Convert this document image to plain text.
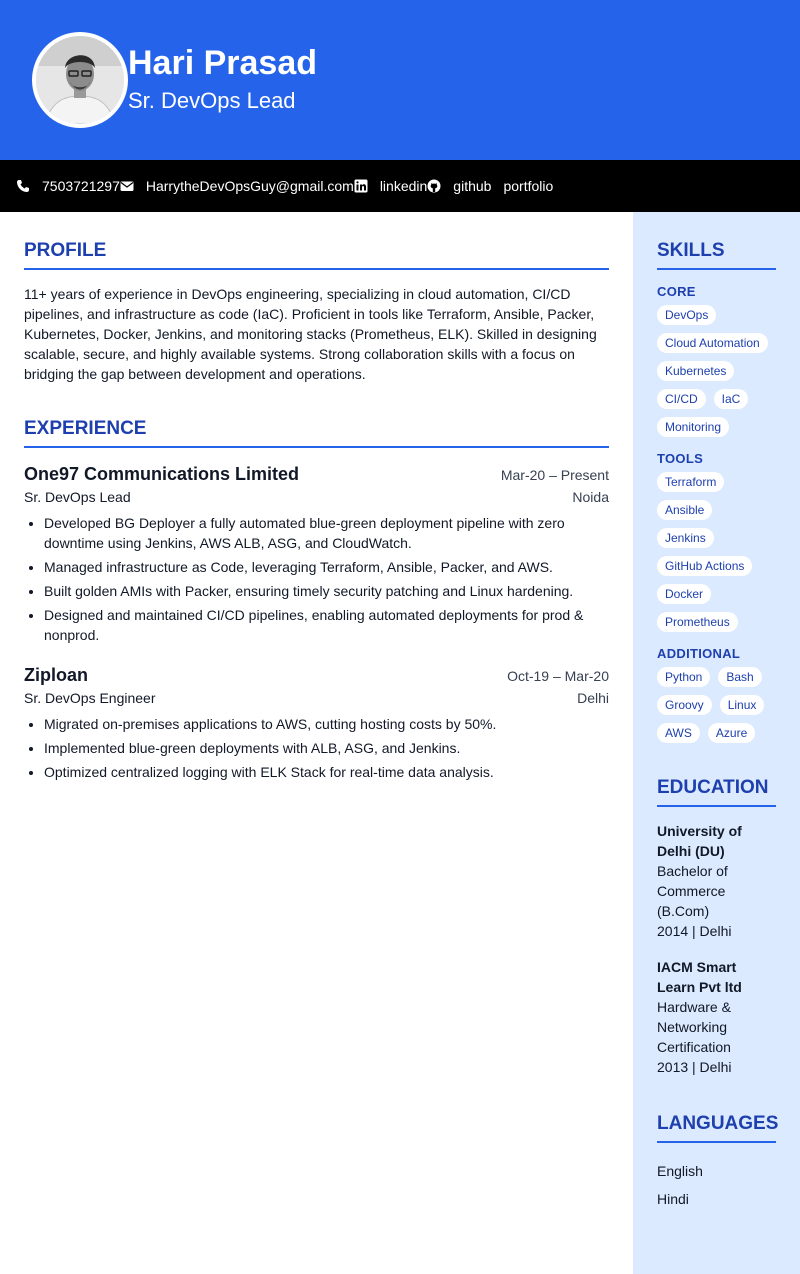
Hari Prasad
Sr. DevOps Lead
7503721297 HarrytheDevOpsGuy@gmail.com linkedin github portfolio
PROFILE

11+ years of experience in DevOps engineering, specializing in cloud automation, CI/CD pipelines, and infrastructure as code (IaC). Proficient in tools like Terraform, Ansible, Packer, Kubernetes, Docker, Jenkins, and monitoring stacks (Prometheus, ELK). Skilled in designing scalable, secure, and highly available systems. Strong collaboration skills with a focus on bridging the gap between development and operations.

EXPERIENCE
One97 Communications Limited	Mar-20 – Present
Sr. DevOps Lead	Noida
• Developed BG Deployer a fully automated blue-green deployment pipeline with zero downtime using Jenkins, AWS ALB, ASG, and CloudWatch.
• Managed infrastructure as Code, leveraging Terraform, Ansible, Packer, and AWS.
• Built golden AMIs with Packer, ensuring timely security patching and Linux hardening.
• Designed and maintained CI/CD pipelines, enabling automated deployments for prod & nonprod.
Ziploan	Oct-19 – Mar-20
Sr. DevOps Engineer	Delhi
• Migrated on-premises applications to AWS, cutting hosting costs by 50%.
• Implemented blue-green deployments with ALB, ASG, and Jenkins.
• Optimized centralized logging with ELK Stack for real-time data analysis.
SKILLS
CORE
DevOps
Cloud Automation
Kubernetes
CI/CD	IaC
Monitoring
TOOLS
Terraform
Ansible
Jenkins
GitHub Actions
Docker
Prometheus
ADDITIONAL
Python	Bash
Groovy	Linux
AWS	Azure
EDUCATION
University of Delhi (DU)
Bachelor of Commerce (B.Com)
2014 | Delhi
IACM Smart Learn Pvt ltd
Hardware & Networking Certification
2013 | Delhi
LANGUAGES
English
Hindi
